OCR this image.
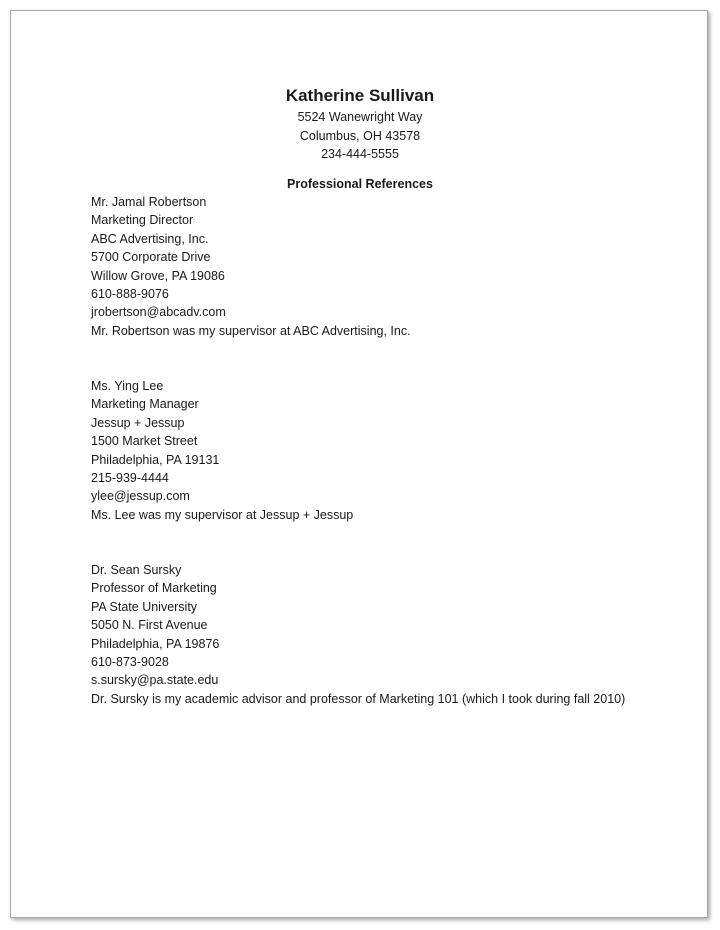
Katherine Sullivan
5524 Wanewright Way
Columbus, OH 43578
234-444-5555
Professional References
Mr. Jamal Robertson
Marketing Director
ABC Advertising, Inc.
5700 Corporate Drive
Willow Grove, PA 19086
610-888-9076
jrobertson@abcadv.com
Mr. Robertson was my supervisor at ABC Advertising, Inc.
Ms. Ying Lee
Marketing Manager
Jessup + Jessup
1500 Market Street
Philadelphia, PA 19131
215-939-4444
ylee@jessup.com
Ms. Lee was my supervisor at Jessup + Jessup
Dr. Sean Sursky
Professor of Marketing
PA State University
5050 N. First Avenue
Philadelphia, PA 19876
610-873-9028
s.sursky@pa.state.edu
Dr. Sursky is my academic advisor and professor of Marketing 101 (which I took during fall 2010)
